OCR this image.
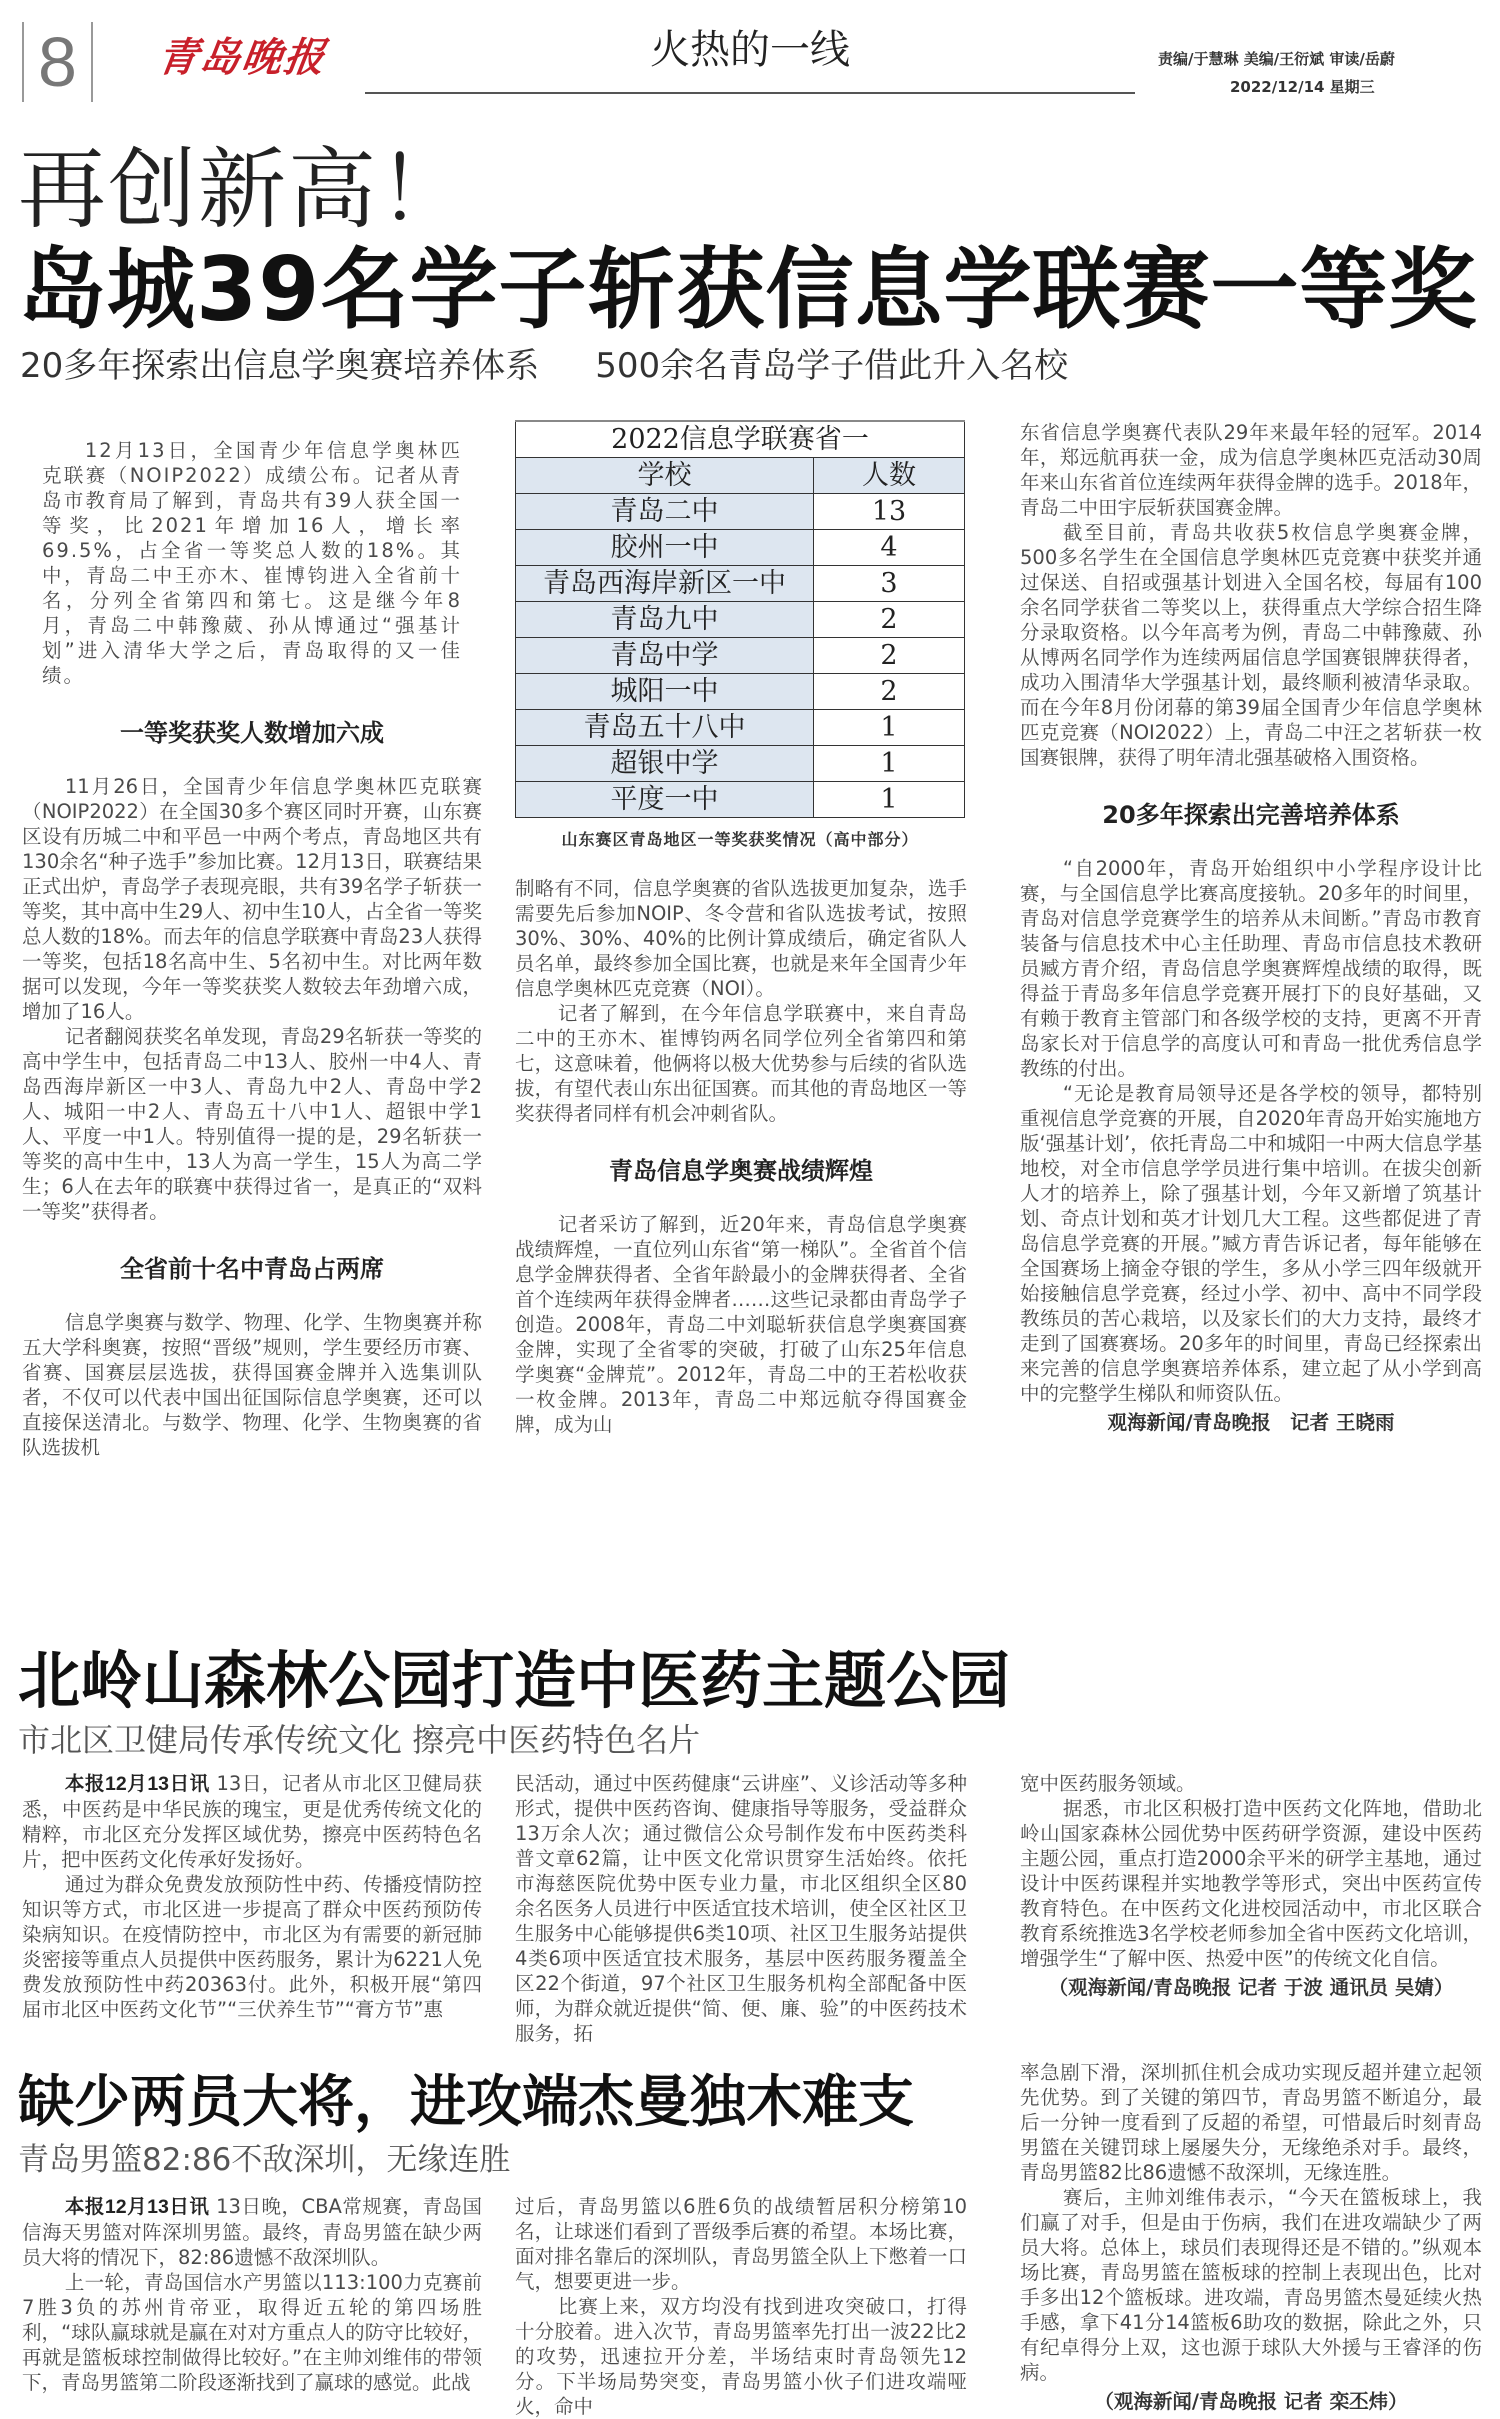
8	青岛晚报	火热的一线	责编/于慧琳 美编/王衍斌 审读/岳蔚
2022/12/14 星期三
再创新高！
岛城39名学子斩获信息学联赛一等奖
20多年探索出信息学奥赛培养体系 500余名青岛学子借此升入名校

12月13日，全国青少年信息学奥林匹克联赛（NOIP2022）成绩公布。记者从青岛市教育局了解到，青岛共有39人获全国一等奖，比2021年增加16人，增长率69.5%，占全省一等奖总人数的18%。其中，青岛二中王亦木、崔博钧进入全省前十名，分列全省第四和第七。这是继今年8月，青岛二中韩豫葳、孙从博通过“强基计划”进入清华大学之后，青岛取得的又一佳绩。

一等奖获奖人数增加六成

11月26日，全国青少年信息学奥林匹克联赛（NOIP2022）在全国30多个赛区同时开赛，山东赛区设有历城二中和平邑一中两个考点，青岛地区共有130余名“种子选手”参加比赛。12月13日，联赛结果正式出炉，青岛学子表现亮眼，共有39名学子斩获一等奖，其中高中生29人、初中生10人，占全省一等奖总人数的18%。而去年的信息学联赛中青岛23人获得一等奖，包括18名高中生、5名初中生。对比两年数据可以发现，今年一等奖获奖人数较去年劲增六成，增加了16人。

记者翻阅获奖名单发现，青岛29名斩获一等奖的高中学生中，包括青岛二中13人、胶州一中4人、青岛西海岸新区一中3人、青岛九中2人、青岛中学2人、城阳一中2人、青岛五十八中1人、超银中学1人、平度一中1人。特别值得一提的是，29名斩获一等奖的高中生中，13人为高一学生，15人为高二学生；6人在去年的联赛中获得过省一，是真正的“双料一等奖”获得者。

全省前十名中青岛占两席

信息学奥赛与数学、物理、化学、生物奥赛并称五大学科奥赛，按照“晋级”规则，学生要经历市赛、省赛、国赛层层选拔，获得国赛金牌并入选集训队者，不仅可以代表中国出征国际信息学奥赛，还可以直接保送清北。与数学、物理、化学、生物奥赛的省队选拔机

2022信息学联赛省一	
学校	人数
青岛二中	13
胶州一中	4
青岛西海岸新区一中	3
青岛九中	2
青岛中学	2
城阳一中	2
青岛五十八中	1
超银中学	1
平度一中	1
山东赛区青岛地区一等奖获奖情况（高中部分）

制略有不同，信息学奥赛的省队选拔更加复杂，选手需要先后参加NOIP、冬令营和省队选拔考试，按照30%、30%、40%的比例计算成绩后，确定省队人员名单，最终参加全国比赛，也就是来年全国青少年信息学奥林匹克竞赛（NOI）。

记者了解到，在今年信息学联赛中，来自青岛二中的王亦木、崔博钧两名同学位列全省第四和第七，这意味着，他俩将以极大优势参与后续的省队选拔，有望代表山东出征国赛。而其他的青岛地区一等奖获得者同样有机会冲刺省队。

青岛信息学奥赛战绩辉煌

记者采访了解到，近20年来，青岛信息学奥赛战绩辉煌，一直位列山东省“第一梯队”。全省首个信息学金牌获得者、全省年龄最小的金牌获得者、全省首个连续两年获得金牌者……这些记录都由青岛学子创造。2008年，青岛二中刘聪斩获信息学奥赛国赛金牌，实现了全省零的突破，打破了山东25年信息学奥赛“金牌荒”。2012年，青岛二中的王若松收获一枚金牌。2013年，青岛二中郑远航夺得国赛金牌，成为山

东省信息学奥赛代表队29年来最年轻的冠军。2014年，郑远航再获一金，成为信息学奥林匹克活动30周年来山东省首位连续两年获得金牌的选手。2018年，青岛二中田宇辰斩获国赛金牌。

截至目前，青岛共收获5枚信息学奥赛金牌，500多名学生在全国信息学奥林匹克竞赛中获奖并通过保送、自招或强基计划进入全国名校，每届有100余名同学获省二等奖以上，获得重点大学综合招生降分录取资格。以今年高考为例，青岛二中韩豫葳、孙从博两名同学作为连续两届信息学国赛银牌获得者，成功入围清华大学强基计划，最终顺利被清华录取。而在今年8月份闭幕的第39届全国青少年信息学奥林匹克竞赛（NOI2022）上，青岛二中汪之茗斩获一枚国赛银牌，获得了明年清北强基破格入围资格。

20多年探索出完善培养体系

“自2000年，青岛开始组织中小学程序设计比赛，与全国信息学比赛高度接轨。20多年的时间里，青岛对信息学竞赛学生的培养从未间断。”青岛市教育装备与信息技术中心主任助理、青岛市信息技术教研员臧方青介绍，青岛信息学奥赛辉煌战绩的取得，既得益于青岛多年信息学竞赛开展打下的良好基础，又有赖于教育主管部门和各级学校的支持，更离不开青岛家长对于信息学的高度认可和青岛一批优秀信息学教练的付出。

“无论是教育局领导还是各学校的领导，都特别重视信息学竞赛的开展，自2020年青岛开始实施地方版‘强基计划’，依托青岛二中和城阳一中两大信息学基地校，对全市信息学学员进行集中培训。在拔尖创新人才的培养上，除了强基计划，今年又新增了筑基计划、奇点计划和英才计划几大工程。这些都促进了青岛信息学竞赛的开展。”臧方青告诉记者，每年能够在全国赛场上摘金夺银的学生，多从小学三四年级就开始接触信息学竞赛，经过小学、初中、高中不同学段教练员的苦心栽培，以及家长们的大力支持，最终才走到了国赛赛场。20多年的时间里，青岛已经探索出来完善的信息学奥赛培养体系，建立起了从小学到高中的完整学生梯队和师资队伍。

观海新闻/青岛晚报　记者 王晓雨
北岭山森林公园打造中医药主题公园
市北区卫健局传承传统文化 擦亮中医药特色名片

本报12月13日讯 13日，记者从市北区卫健局获悉，中医药是中华民族的瑰宝，更是优秀传统文化的精粹，市北区充分发挥区域优势，擦亮中医药特色名片，把中医药文化传承好发扬好。

通过为群众免费发放预防性中药、传播疫情防控知识等方式，市北区进一步提高了群众中医药预防传染病知识。在疫情防控中，市北区为有需要的新冠肺炎密接等重点人员提供中医药服务，累计为6221人免费发放预防性中药20363付。此外，积极开展“第四届市北区中医药文化节”“三伏养生节”“膏方节”惠

民活动，通过中医药健康“云讲座”、义诊活动等多种形式，提供中医药咨询、健康指导等服务，受益群众13万余人次；通过微信公众号制作发布中医药类科普文章62篇，让中医文化常识贯穿生活始终。依托市海慈医院优势中医专业力量，市北区组织全区80余名医务人员进行中医适宜技术培训，使全区社区卫生服务中心能够提供6类10项、社区卫生服务站提供4类6项中医适宜技术服务，基层中医药服务覆盖全区22个街道，97个社区卫生服务机构全部配备中医师，为群众就近提供“简、便、廉、验”的中医药技术服务，拓

宽中医药服务领域。

据悉，市北区积极打造中医药文化阵地，借助北岭山国家森林公园优势中医药研学资源，建设中医药主题公园，重点打造2000余平米的研学主基地，通过设计中医药课程并实地教学等形式，突出中医药宣传教育特色。在中医药文化进校园活动中，市北区联合教育系统推选3名学校老师参加全省中医药文化培训，增强学生“了解中医、热爱中医”的传统文化自信。

（观海新闻/青岛晚报 记者 于波 通讯员 吴婧）
缺少两员大将，进攻端杰曼独木难支
青岛男篮82:86不敌深圳，无缘连胜

本报12月13日讯 13日晚，CBA常规赛，青岛国信海天男篮对阵深圳男篮。最终，青岛男篮在缺少两员大将的情况下，82:86遗憾不敌深圳队。

上一轮，青岛国信水产男篮以113:100力克赛前7胜3负的苏州肯帝亚，取得近五轮的第四场胜利，“球队赢球就是赢在对对方重点人的防守比较好，再就是篮板球控制做得比较好。”在主帅刘维伟的带领下，青岛男篮第二阶段逐渐找到了赢球的感觉。此战

过后，青岛男篮以6胜6负的战绩暂居积分榜第10名，让球迷们看到了晋级季后赛的希望。本场比赛，面对排名靠后的深圳队，青岛男篮全队上下憋着一口气，想要更进一步。

比赛上来，双方均没有找到进攻突破口，打得十分胶着。进入次节，青岛男篮率先打出一波22比2的攻势，迅速拉开分差，半场结束时青岛领先12分。下半场局势突变，青岛男篮小伙子们进攻端哑火，命中

率急剧下滑，深圳抓住机会成功实现反超并建立起领先优势。到了关键的第四节，青岛男篮不断追分，最后一分钟一度看到了反超的希望，可惜最后时刻青岛男篮在关键罚球上屡屡失分，无缘绝杀对手。最终，青岛男篮82比86遗憾不敌深圳，无缘连胜。

赛后，主帅刘维伟表示，“今天在篮板球上，我们赢了对手，但是由于伤病，我们在进攻端缺少了两员大将。总体上，球员们表现得还是不错的。”纵观本场比赛，青岛男篮在篮板球的控制上表现出色，比对手多出12个篮板球。进攻端，青岛男篮杰曼延续火热手感，拿下41分14篮板6助攻的数据，除此之外，只有纪卓得分上双，这也源于球队大外援与王睿泽的伤病。

（观海新闻/青岛晚报 记者 栾丕炜）
